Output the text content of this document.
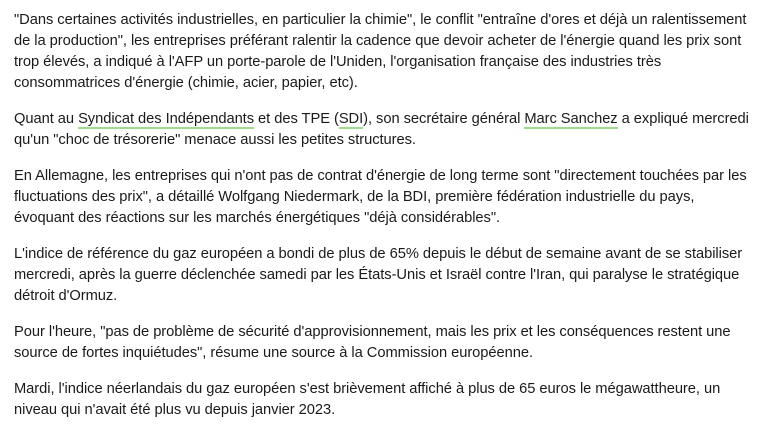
"Dans certaines activités industrielles, en particulier la chimie", le conflit "entraîne d'ores et déjà un ralentissement de la production", les entreprises préférant ralentir la cadence que devoir acheter de l'énergie quand les prix sont trop élevés, a indiqué à l'AFP un porte-parole de l'Uniden, l'organisation française des industries très consommatrices d'énergie (chimie, acier, papier, etc).

Quant au Syndicat des Indépendants et des TPE (SDI), son secrétaire général Marc Sanchez a expliqué mercredi qu'un "choc de trésorerie" menace aussi les petites structures.

En Allemagne, les entreprises qui n'ont pas de contrat d'énergie de long terme sont "directement touchées par les fluctuations des prix", a détaillé Wolfgang Niedermark, de la BDI, première fédération industrielle du pays, évoquant des réactions sur les marchés énergétiques "déjà considérables".

L'indice de référence du gaz européen a bondi de plus de 65% depuis le début de semaine avant de se stabiliser mercredi, après la guerre déclenchée samedi par les États-Unis et Israël contre l'Iran, qui paralyse le stratégique détroit d'Ormuz.

Pour l'heure, "pas de problème de sécurité d'approvisionnement, mais les prix et les conséquences restent une source de fortes inquiétudes", résume une source à la Commission européenne.

Mardi, l'indice néerlandais du gaz européen s'est brièvement affiché à plus de 65 euros le mégawattheure, un niveau qui n'avait été plus vu depuis janvier 2023.
